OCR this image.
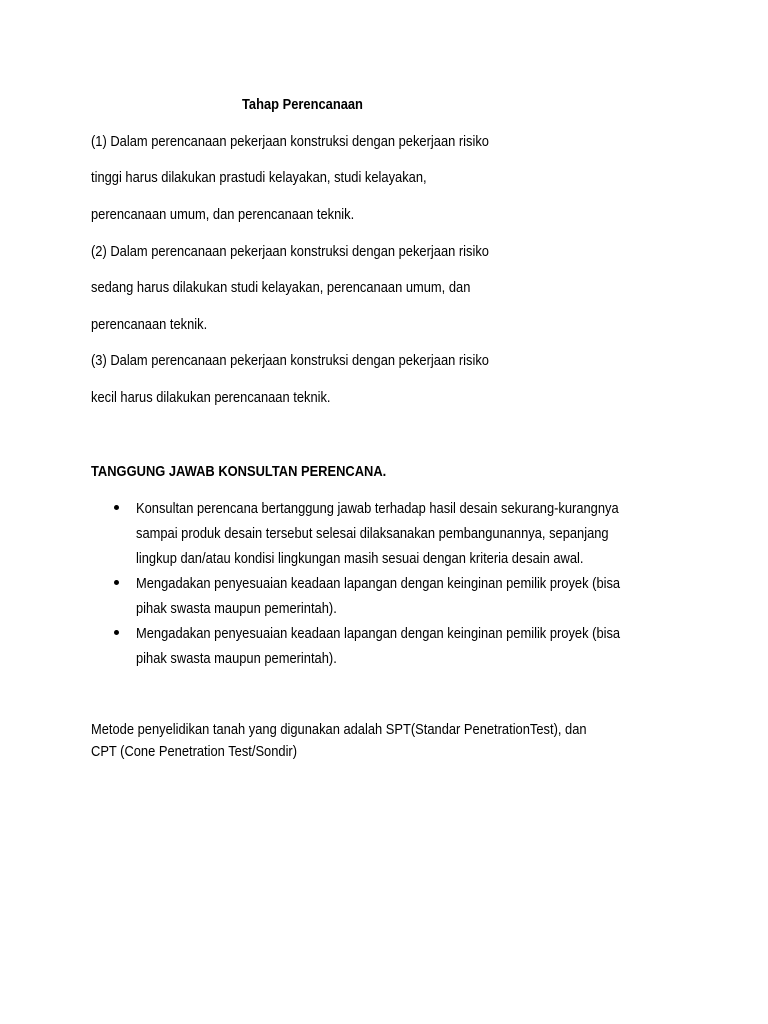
Tahap Perencanaan
(1) Dalam perencanaan pekerjaan konstruksi dengan pekerjaan risiko
tinggi harus dilakukan prastudi kelayakan, studi kelayakan,
perencanaan umum, dan perencanaan teknik.
(2) Dalam perencanaan pekerjaan konstruksi dengan pekerjaan risiko
sedang harus dilakukan studi kelayakan, perencanaan umum, dan
perencanaan teknik.
(3) Dalam perencanaan pekerjaan konstruksi dengan pekerjaan risiko
kecil harus dilakukan perencanaan teknik.
TANGGUNG JAWAB KONSULTAN PERENCANA.
Konsultan perencana bertanggung jawab terhadap hasil desain sekurang-kurangnya
sampai produk desain tersebut selesai dilaksanakan pembangunannya, sepanjang
lingkup dan/atau kondisi lingkungan masih sesuai dengan kriteria desain awal.
Mengadakan penyesuaian keadaan lapangan dengan keinginan pemilik proyek (bisa
pihak swasta maupun pemerintah).
Mengadakan penyesuaian keadaan lapangan dengan keinginan pemilik proyek (bisa
pihak swasta maupun pemerintah).
Metode penyelidikan tanah yang digunakan adalah SPT(Standar PenetrationTest), dan
CPT (Cone Penetration Test/Sondir)
